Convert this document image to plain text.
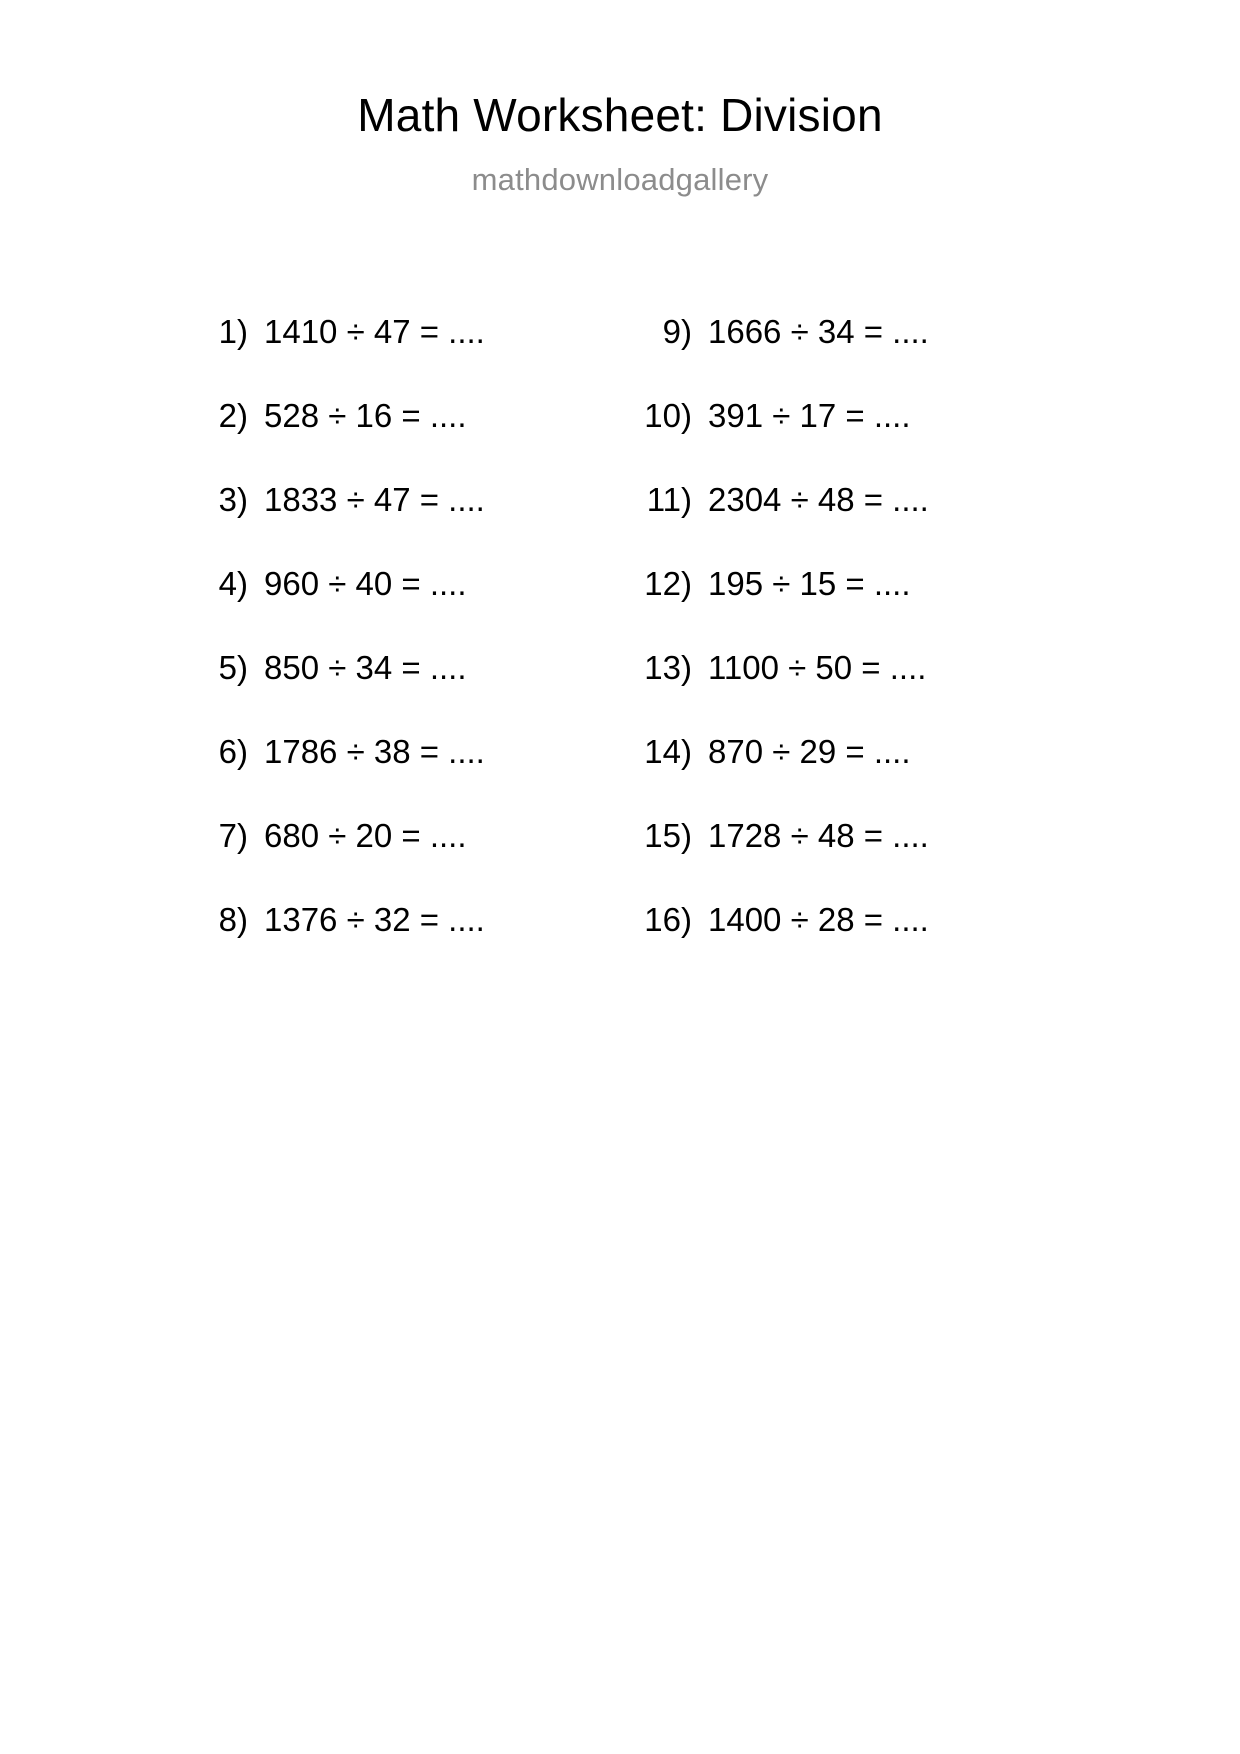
Math Worksheet: Division
mathdownloadgallery
1) 1410 ÷ 47 = ....
2) 528 ÷ 16 = ....
3) 1833 ÷ 47 = ....
4) 960 ÷ 40 = ....
5) 850 ÷ 34 = ....
6) 1786 ÷ 38 = ....
7) 680 ÷ 20 = ....
8) 1376 ÷ 32 = ....
9) 1666 ÷ 34 = ....
10) 391 ÷ 17 = ....
11) 2304 ÷ 48 = ....
12) 195 ÷ 15 = ....
13) 1100 ÷ 50 = ....
14) 870 ÷ 29 = ....
15) 1728 ÷ 48 = ....
16) 1400 ÷ 28 = ....
